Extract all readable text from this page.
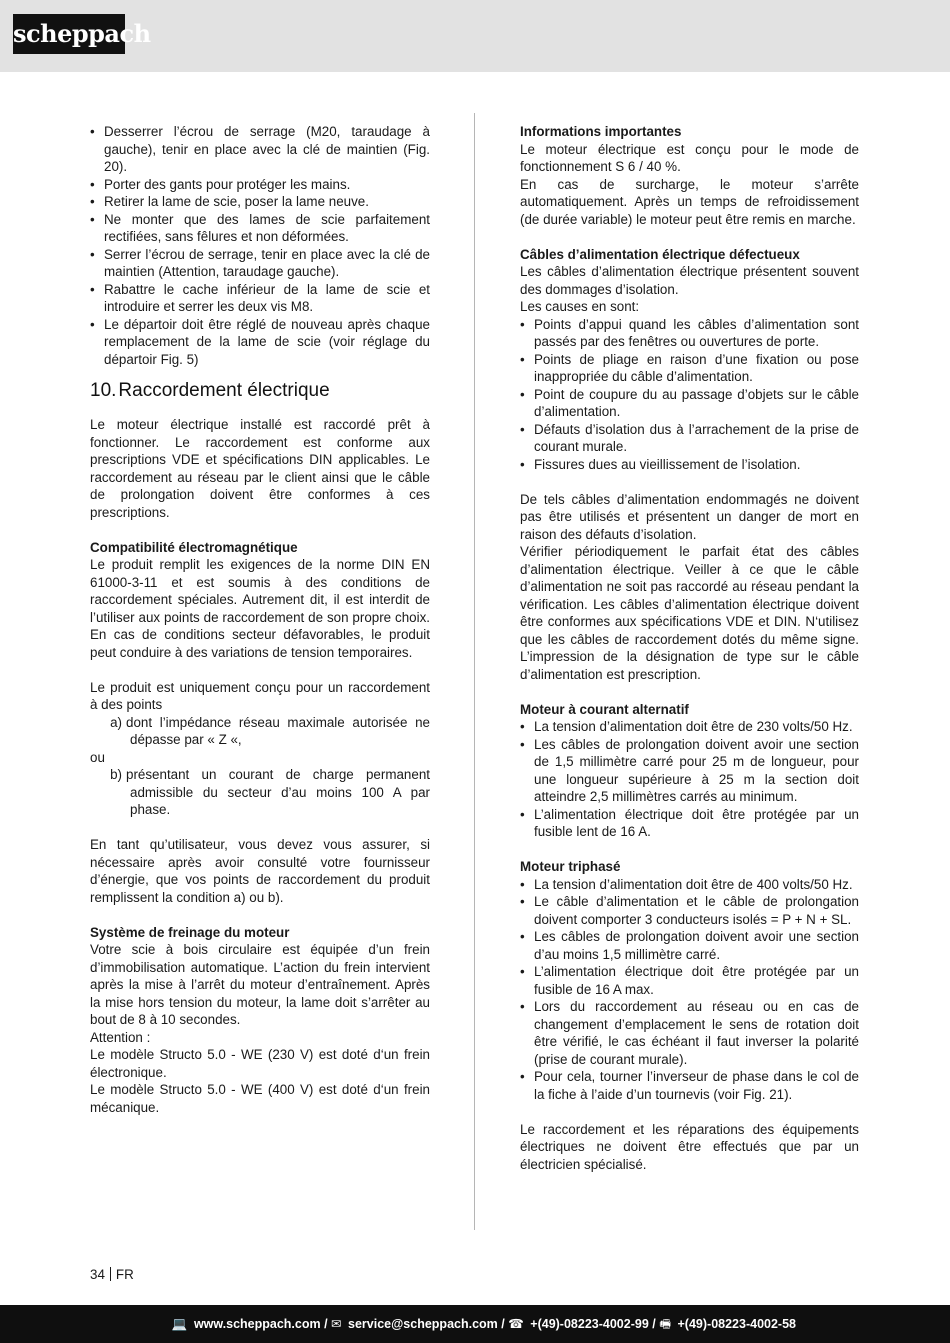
scheppach
• Desserrer l’écrou de serrage (M20, taraudage à gauche), tenir en place avec la clé de maintien (Fig. 20).
• Porter des gants pour protéger les mains.
• Retirer la lame de scie, poser la lame neuve.
• Ne monter que des lames de scie parfaitement rectifiées, sans fêlures et non déformées.
• Serrer l’écrou de serrage, tenir en place avec la clé de maintien (Attention, taraudage gauche).
• Rabattre le cache inférieur de la lame de scie et introduire et serrer les deux vis M8.
• Le départoir doit être réglé de nouveau après chaque remplacement de la lame de scie (voir réglage du départoir Fig. 5)
10. Raccordement électrique

Le moteur électrique installé est raccordé prêt à fonctionner. Le raccordement est conforme aux prescriptions VDE et spécifications DIN applicables. Le raccordement au réseau par le client ainsi que le câble de prolongation doivent être conformes à ces prescriptions.

Compatibilité électromagnétique

Le produit remplit les exigences de la norme DIN EN 61000-3-11 et est soumis à des conditions de raccordement spéciales. Autrement dit, il est interdit de l’utiliser aux points de raccordement de son propre choix. En cas de conditions secteur défavorables, le produit peut conduire à des variations de tension temporaires.

Le produit est uniquement conçu pour un raccordement à des points

a) dont l’impédance réseau maximale autorisée ne dépasse par « Z «,

ou

b) présentant un courant de charge permanent admissible du secteur d’au moins 100 A par phase.

En tant qu’utilisateur, vous devez vous assurer, si nécessaire après avoir consulté votre fournisseur d’énergie, que vos points de raccordement du produit remplissent la condition a) ou b).

Système de freinage du moteur

Votre scie à bois circulaire est équipée d’un frein d’immobilisation automatique. L’action du frein intervient après la mise à l’arrêt du moteur d’entraînement. Après la mise hors tension du moteur, la lame doit s’arrêter au bout de 8 à 10 secondes.

Attention :

Le modèle Structo 5.0 - WE (230 V) est doté d‘un frein électronique.

Le modèle Structo 5.0 - WE (400 V) est doté d‘un frein mécanique.

Informations importantes

Le moteur électrique est conçu pour le mode de fonctionnement S 6 / 40 %.

En cas de surcharge, le moteur s’arrête automatiquement. Après un temps de refroidissement (de durée variable) le moteur peut être remis en marche.

Câbles d’alimentation électrique défectueux

Les câbles d’alimentation électrique présentent souvent des dommages d’isolation.

Les causes en sont:

• Points d’appui quand les câbles d’alimentation sont passés par des fenêtres ou ouvertures de porte.
• Points de pliage en raison d’une fixation ou pose inappropriée du câble d’alimentation.
• Point de coupure du au passage d’objets sur le câble d’alimentation.
• Défauts d’isolation dus à l’arrachement de la prise de courant murale.
• Fissures dues au vieillissement de l’isolation.

De tels câbles d’alimentation endommagés ne doivent pas être utilisés et présentent un danger de mort en raison des défauts d’isolation.

Vérifier périodiquement le parfait état des câbles d’alimentation électrique. Veiller à ce que le câble d’alimentation ne soit pas raccordé au réseau pendant la vérification. Les câbles d’alimentation électrique doivent être conformes aux spécifications VDE et DIN. N‘utilisez que les câbles de raccordement dotés du même signe. L’impression de la désignation de type sur le câble d’alimentation est prescription.

Moteur à courant alternatif

• La tension d’alimentation doit être de 230 volts/50 Hz.
• Les câbles de prolongation doivent avoir une section de 1,5 millimètre carré pour 25 m de longueur, pour une longueur supérieure à 25 m la section doit atteindre 2,5 millimètres carrés au minimum.
• L’alimentation électrique doit être protégée par un fusible lent de 16 A.

Moteur triphasé

• La tension d’alimentation doit être de 400 volts/50 Hz.
• Le câble d’alimentation et le câble de prolongation doivent comporter 3 conducteurs isolés = P + N + SL.
• Les câbles de prolongation doivent avoir une section d’au moins 1,5 millimètre carré.
• L’alimentation électrique doit être protégée par un fusible de 16 A max.
• Lors du raccordement au réseau ou en cas de changement d’emplacement le sens de rotation doit être vérifié, le cas échéant il faut inverser la polarité (prise de courant murale).
• Pour cela, tourner l’inverseur de phase dans le col de la fiche à l’aide d’un tournevis (voir Fig. 21).

Le raccordement et les réparations des équipements électriques ne doivent être effectués que par un électricien spécialisé.

34 FR
💻 www.scheppach.com / ✉ service@scheppach.com / ☎ +(49)-08223-4002-99 / 🖷 +(49)-08223-4002-58
